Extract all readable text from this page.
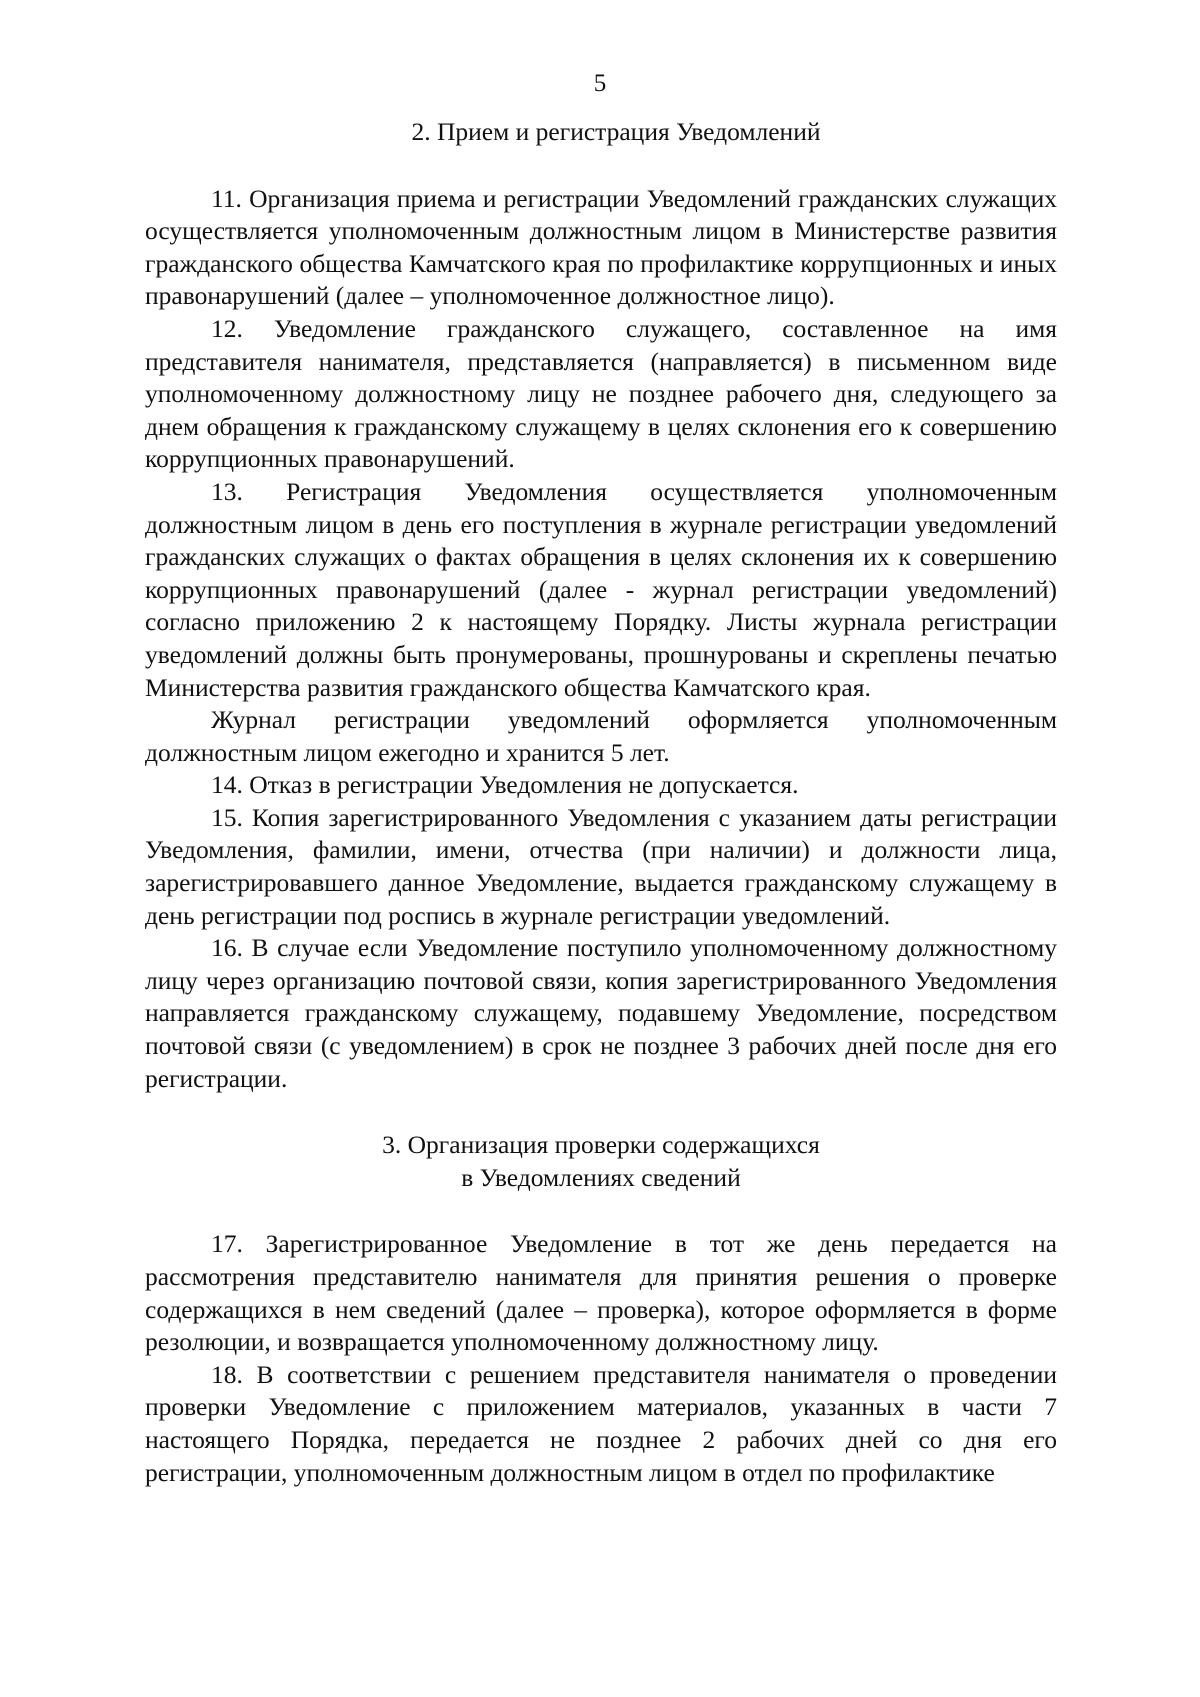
5
2. Прием и регистрация Уведомлений

11. Организация приема и регистрации Уведомлений гражданских служащих осуществляется уполномоченным должностным лицом в Министерстве развития гражданского общества Камчатского края по профилактике коррупционных и иных правонарушений (далее – уполномоченное должностное лицо).

12. Уведомление гражданского служащего, составленное на имя представителя нанимателя, представляется (направляется) в письменном виде уполномоченному должностному лицу не позднее рабочего дня, следующего за днем обращения к гражданскому служащему в целях склонения его к совершению коррупционных правонарушений.

13. Регистрация Уведомления осуществляется уполномоченным должностным лицом в день его поступления в журнале регистрации уведомлений гражданских служащих о фактах обращения в целях склонения их к совершению коррупционных правонарушений (далее - журнал регистрации уведомлений) согласно приложению 2 к настоящему Порядку. Листы журнала регистрации уведомлений должны быть пронумерованы, прошнурованы и скреплены печатью Министерства развития гражданского общества Камчатского края.

Журнал регистрации уведомлений оформляется уполномоченным должностным лицом ежегодно и хранится 5 лет.

14. Отказ в регистрации Уведомления не допускается.

15. Копия зарегистрированного Уведомления с указанием даты регистрации Уведомления, фамилии, имени, отчества (при наличии) и должности лица, зарегистрировавшего данное Уведомление, выдается гражданскому служащему в день регистрации под роспись в журнале регистрации уведомлений.

16. В случае если Уведомление поступило уполномоченному должностному лицу через организацию почтовой связи, копия зарегистрированного Уведомления направляется гражданскому служащему, подавшему Уведомление, посредством почтовой связи (с уведомлением) в срок не позднее 3 рабочих дней после дня его регистрации.

3. Организация проверки содержащихся
в Уведомлениях сведений

17. Зарегистрированное Уведомление в тот же день передается на рассмотрения представителю нанимателя для принятия решения о проверке содержащихся в нем сведений (далее – проверка), которое оформляется в форме резолюции, и возвращается уполномоченному должностному лицу.

18. В соответствии с решением представителя нанимателя о проведении проверки Уведомление с приложением материалов, указанных в части 7 настоящего Порядка, передается не позднее 2 рабочих дней со дня его регистрации, уполномоченным должностным лицом в отдел по профилактике
